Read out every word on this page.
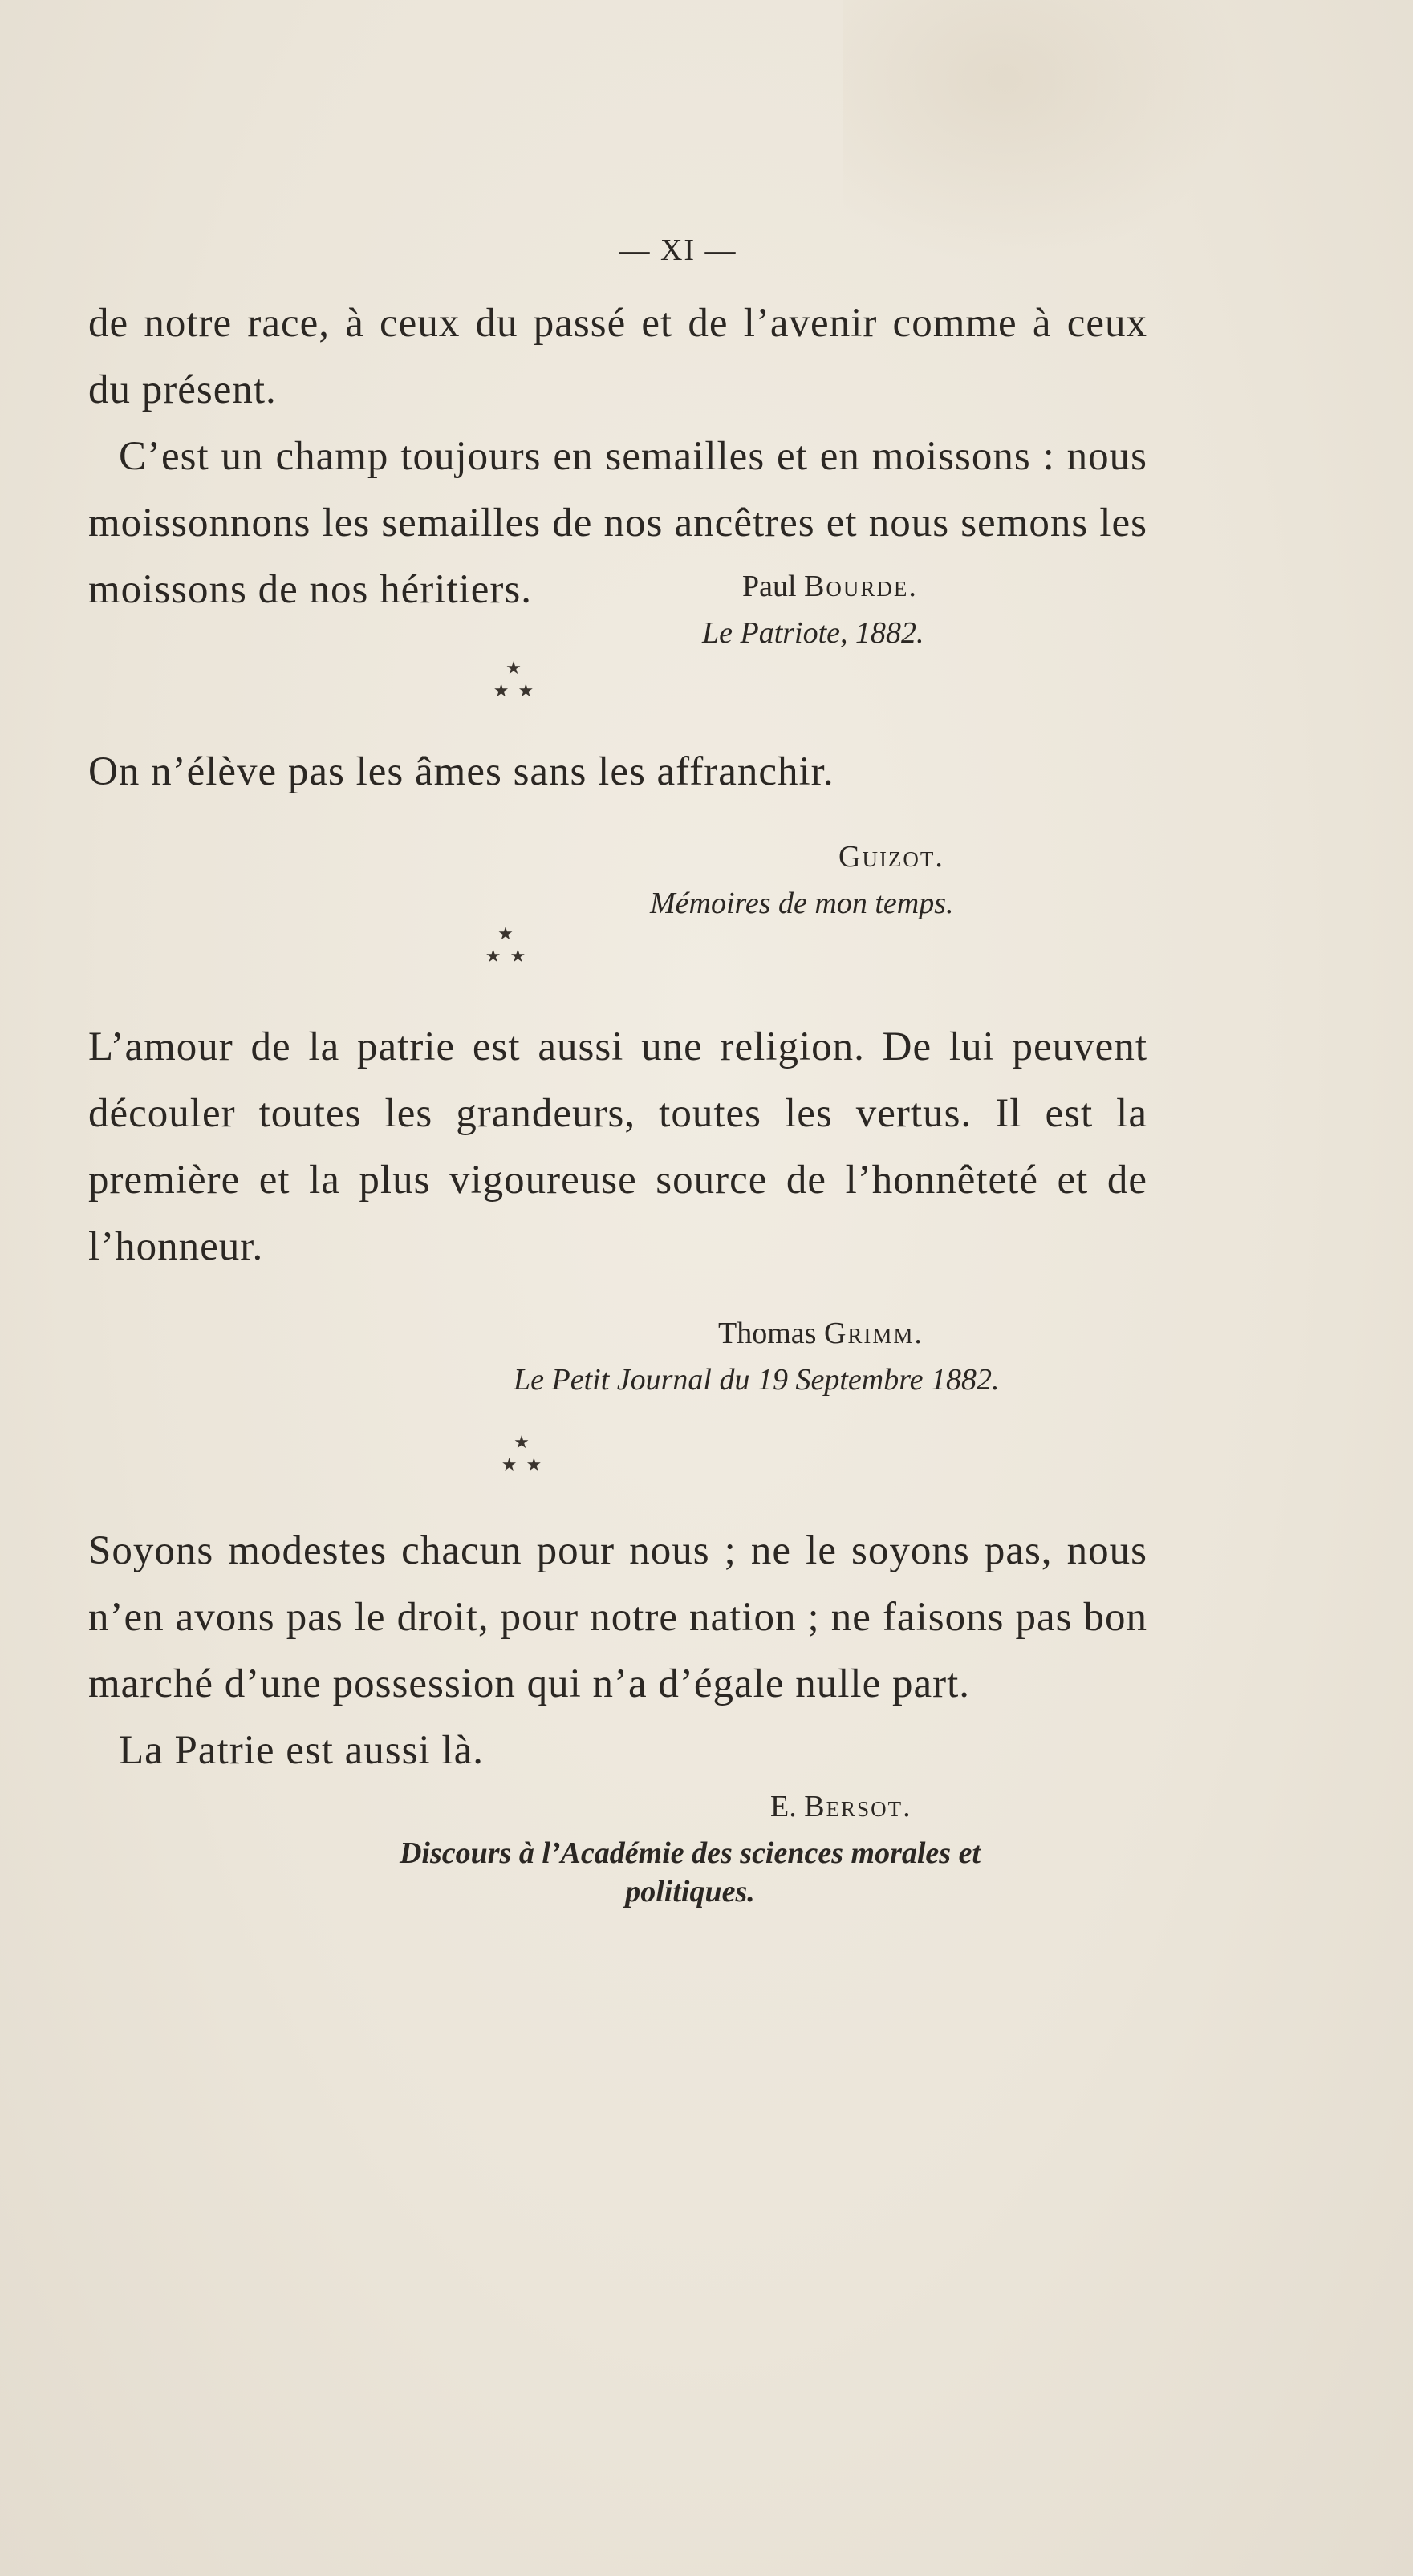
— XI —

de notre race, à ceux du passé et de l’avenir comme à ceux du présent.

C’est un champ toujours en semailles et en moissons : nous moissonnons les semailles de nos ancêtres et nous semons les moissons de nos héritiers.	Paul Bourde.
Le Patriote, 1882.
★
★  ★

On n’élève pas les âmes sans les affranchir.

Guizot.
Mémoires de mon temps.
★
★  ★

L’amour de la patrie est aussi une religion. De lui peuvent découler toutes les grandeurs, toutes les vertus. Il est la première et la plus vigoureuse source de l’honnêteté et de l’honneur.

Thomas Grimm.
Le Petit Journal du 19 Septembre 1882.
★
★  ★

Soyons modestes chacun pour nous ; ne le soyons pas, nous n’en avons pas le droit, pour notre nation ; ne faisons pas bon marché d’une possession qui n’a d’égale nulle part.

La Patrie est aussi là.

E. Bersot.
Discours à l’Académie des sciences morales et politiques.
